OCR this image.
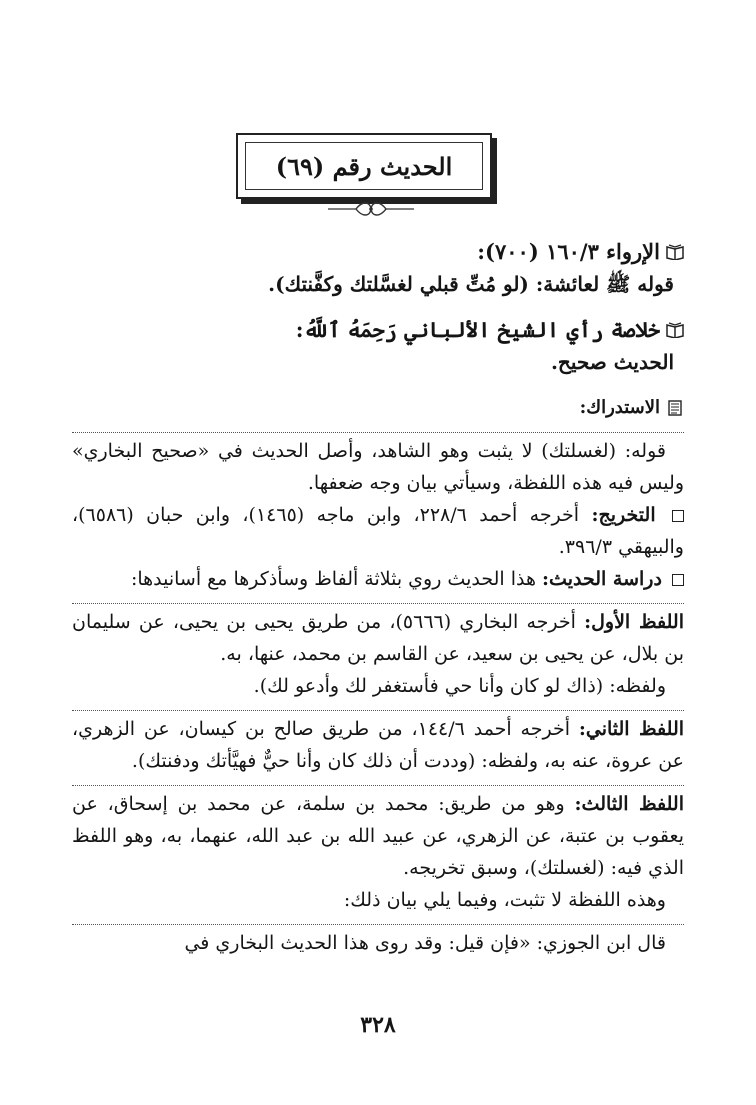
الحديث رقم (٦٩)
الإرواء ١٦٠/٣ (٧٠٠):

قوله ﷺ لعائشة: (لو مُتِّ قبلي لغسَّلتك وكفَّنتك).

خلاصة رأي الشيخ الألباني رَحِمَهُ ٱللَّهُ:

الحديث صحيح.

الاستدراك:

قوله: (لغسلتك) لا يثبت وهو الشاهد، وأصل الحديث في «صحيح البخاري» وليس فيه هذه اللفظة، وسيأتي بيان وجه ضعفها.

التخريج: أخرجه أحمد ٢٢٨/٦، وابن ماجه (١٤٦٥)، وابن حبان (٦٥٨٦)، والبيهقي ٣٩٦/٣.

دراسة الحديث: هذا الحديث روي بثلاثة ألفاظ وسأذكرها مع أسانيدها:

اللفظ الأول: أخرجه البخاري (٥٦٦٦)، من طريق يحيى بن يحيى، عن سليمان بن بلال، عن يحيى بن سعيد، عن القاسم بن محمد، عنها، به.

ولفظه: (ذاك لو كان وأنا حي فأستغفر لك وأدعو لك).

اللفظ الثاني: أخرجه أحمد ١٤٤/٦، من طريق صالح بن كيسان، عن الزهري، عن عروة، عنه به، ولفظه: (وددت أن ذلك كان وأنا حيٌّ فهيَّأتك ودفنتك).

اللفظ الثالث: وهو من طريق: محمد بن سلمة، عن محمد بن إسحاق، عن يعقوب بن عتبة، عن الزهري، عن عبيد الله بن عبد الله، عنهما، به، وهو اللفظ الذي فيه: (لغسلتك)، وسبق تخريجه.

وهذه اللفظة لا تثبت، وفيما يلي بيان ذلك:

قال ابن الجوزي: «فإن قيل: وقد روى هذا الحديث البخاري في

٣٢٨
